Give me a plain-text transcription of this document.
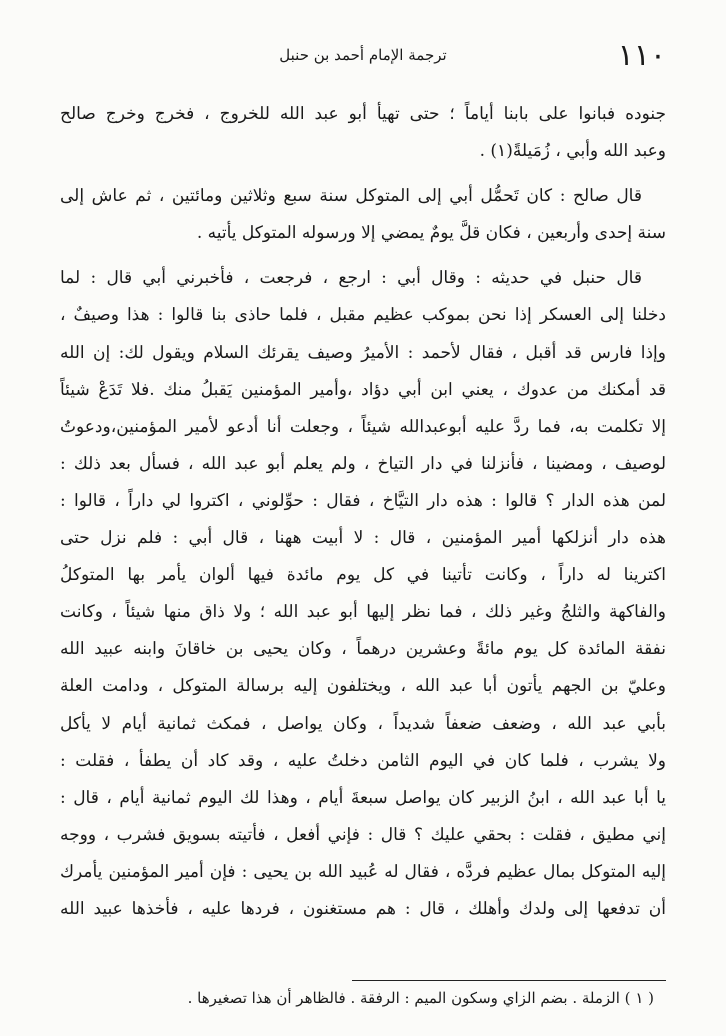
١١٠
ترجمة الإمام أحمد بن حنبل
جنوده فبانوا على بابنا أياماً ؛ حتى تهيأ أبو عبد الله للخروج ، فخرج وخرج صالح
وعبد الله وأبي ، زُمَيلةً(١) .
قال صالح : كان تَحمُّل أبي إلى المتوكل سنة سبع وثلاثين ومائتين ، ثم عاش إلى
سنة إحدى وأربعين ، فكان قلَّ يومٌ يمضي إلا ورسوله المتوكل يأتيه .
قال حنبل في حديثه : وقال أبي : ارجع ، فرجعت ، فأخبرني أبي قال : لما
دخلنا إلى العسكر إذا نحن بموكب عظيم مقبل ، فلما حاذى بنا قالوا : هذا وصيفٌ ،
وإذا فارس قد أقبل ، فقال لأحمد : الأميرُ وصيف يقرئك السلام ويقول لك: إن الله
قد أمكنك من عدوك ، يعني ابن أبي دؤاد ،وأمير المؤمنين يَقبلُ منك .فلا تَدَعْ شيئاً
إلا تكلمت به، فما ردَّ عليه أبوعبدالله شيئاً ، وجعلت أنا أدعو لأمير المؤمنين،ودعوتُ
لوصيف ، ومضينا ، فأنزلنا في دار التياخ ، ولم يعلم أبو عبد الله ، فسأل بعد ذلك :
لمن هذه الدار ؟ قالوا : هذه دار التيَّاخ ، فقال : حوِّلوني ، اكتروا لي داراً ، قالوا :
هذه دار أنزلكها أمير المؤمنين ، قال : لا أبيت ههنا ، قال أبي : فلم نزل حتى
اكترينا له داراً ، وكانت تأتينا في كل يوم مائدة فيها ألوان يأمر بها المتوكلُ
والفاكهة والثلجُ وغير ذلك ، فما نظر إليها أبو عبد الله ؛ ولا ذاق منها شيئاً ، وكانت
نفقة المائدة كل يوم مائةً وعشرين درهماً ، وكان يحيى بن خاقانَ وابنه عبيد الله
وعليّ بن الجهم يأتون أبا عبد الله ، ويختلفون إليه برسالة المتوكل ، ودامت العلة
بأبي عبد الله ، وضعف ضعفاً شديداً ، وكان يواصل ، فمكث ثمانية أيام لا يأكل
ولا يشرب ، فلما كان في اليوم الثامن دخلتُ عليه ، وقد كاد أن يطفأ ، فقلت :
يا أبا عبد الله ، ابنُ الزبير كان يواصل سبعةَ أيام ، وهذا لك اليوم ثمانية أيام ، قال :
إني مطيق ، فقلت : بحقي عليك ؟ قال : فإني أفعل ، فأتيته بسويق فشرب ، ووجه
إليه المتوكل بمال عظيم فردَّه ، فقال له عُبيد الله بن يحيى : فإن أمير المؤمنين يأمرك
أن تدفعها إلى ولدك وأهلك ، قال : هم مستغنون ، فردها عليه ، فأخذها عبيد الله
( ١ ) الزملة . بضم الزاي وسكون الميم : الرفقة . فالظاهر أن هذا تصغيرها .
